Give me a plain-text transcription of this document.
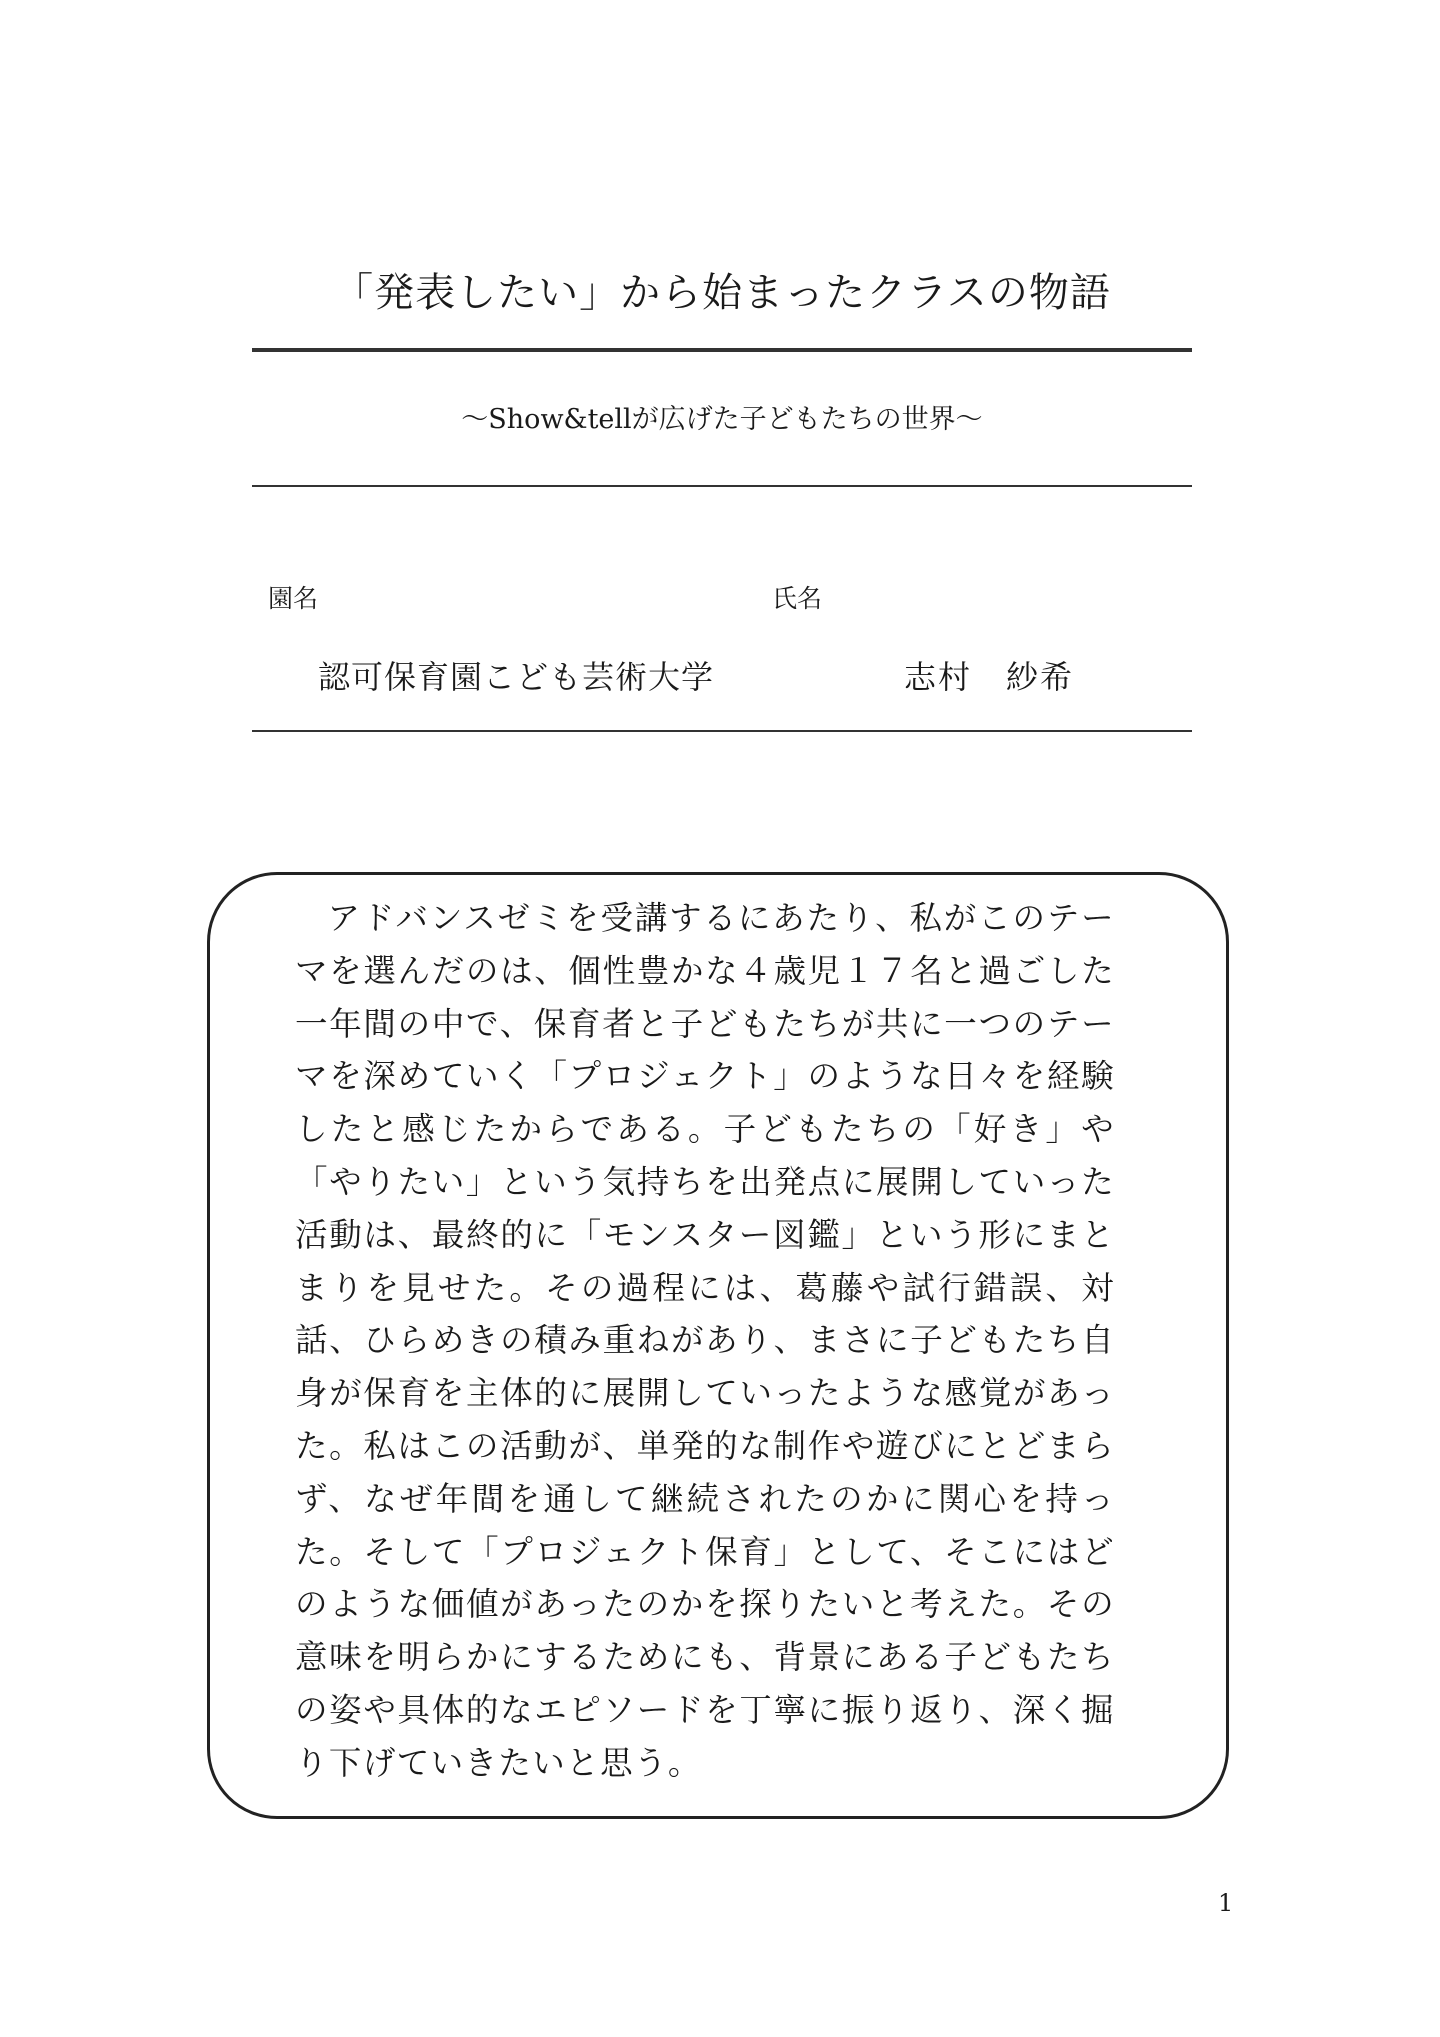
「発表したい」から始まったクラスの物語
〜Show&tellが広げた子どもたちの世界〜
園名	氏名
認可保育園こども芸術大学	志村　紗希

アドバンスゼミを受講するにあたり、私がこのテーマを選んだのは、個性豊かな４歳児１７名と過ごした一年間の中で、保育者と子どもたちが共に一つのテーマを深めていく「プロジェクト」のような日々を経験したと感じたからである。子どもたちの「好き」や「やりたい」という気持ちを出発点に展開していった活動は、最終的に「モンスター図鑑」という形にまとまりを見せた。その過程には、葛藤や試行錯誤、対話、ひらめきの積み重ねがあり、まさに子どもたち自身が保育を主体的に展開していったような感覚があった。私はこの活動が、単発的な制作や遊びにとどまらず、なぜ年間を通して継続されたのかに関心を持った。そして「プロジェクト保育」として、そこにはどのような価値があったのかを探りたいと考えた。その意味を明らかにするためにも、背景にある子どもたちの姿や具体的なエピソードを丁寧に振り返り、深く掘り下げていきたいと思う。

1
